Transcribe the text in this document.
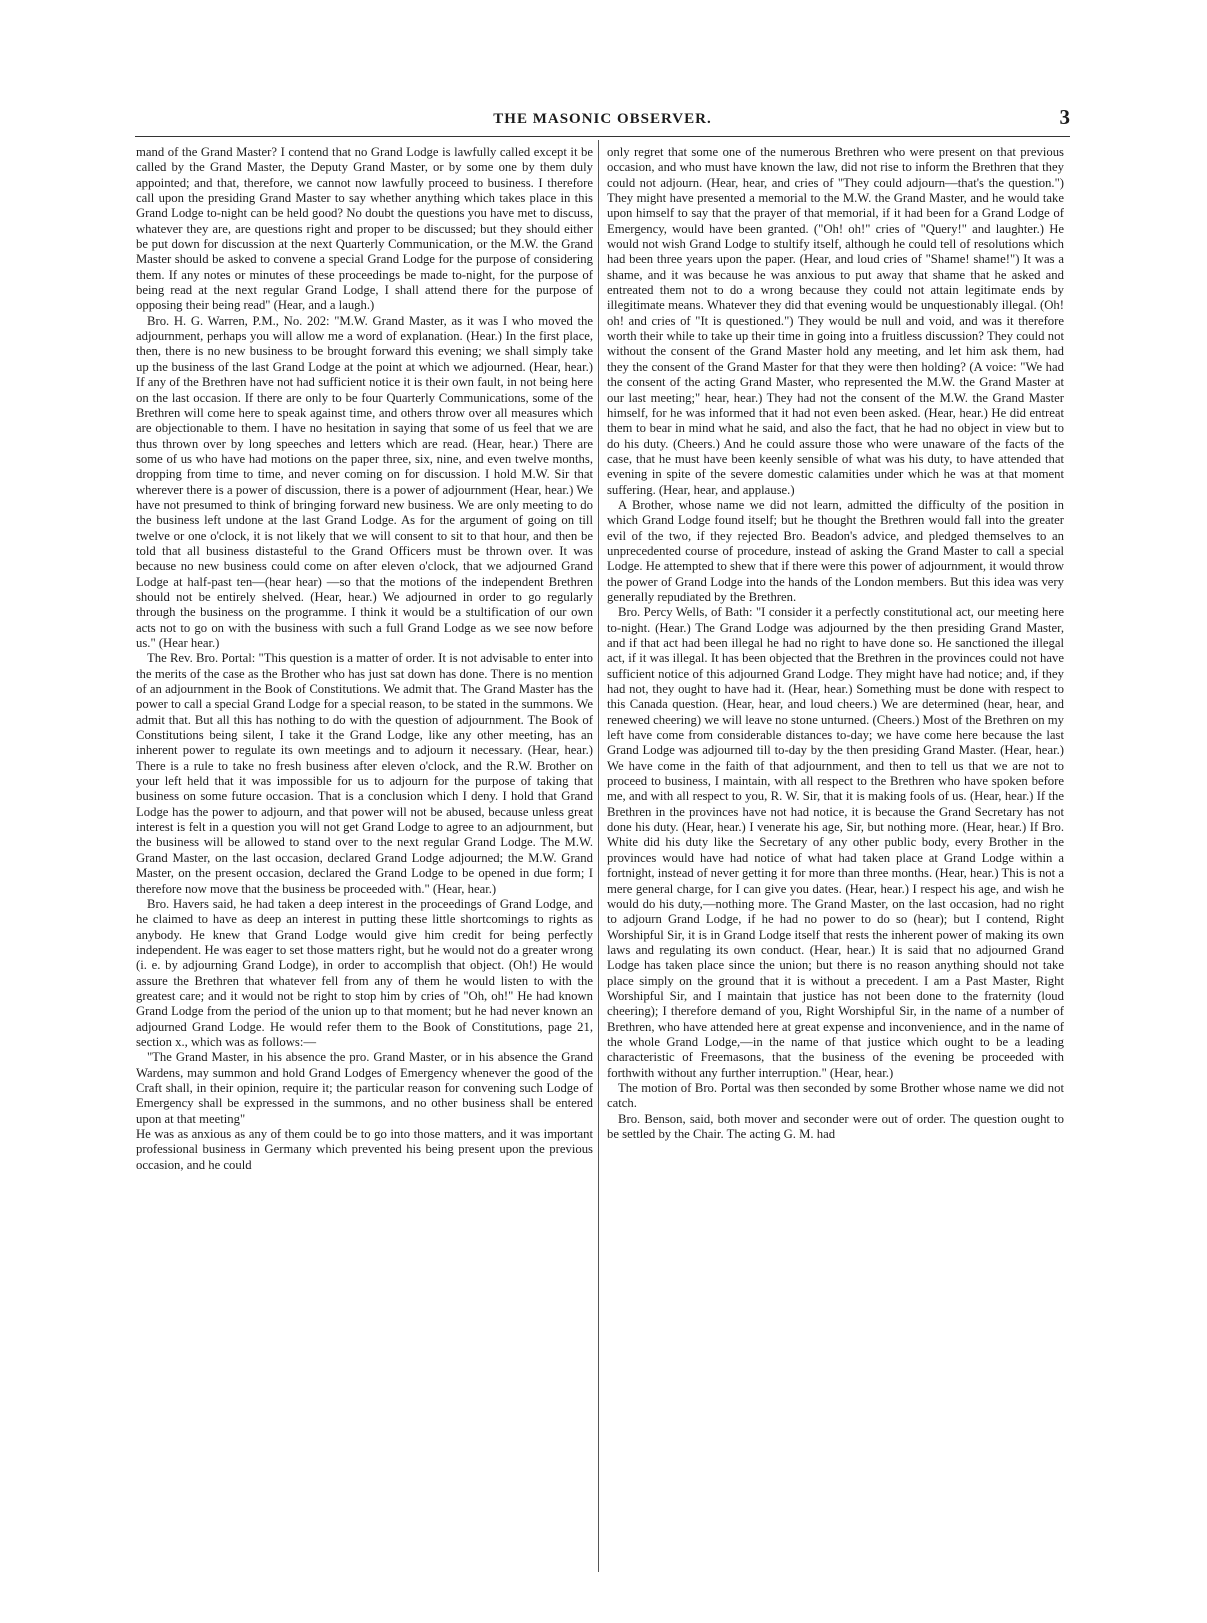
THE MASONIC OBSERVER.	3

mand of the Grand Master? I contend that no Grand Lodge is lawfully called except it be called by the Grand Master, the Deputy Grand Master, or by some one by them duly appointed; and that, therefore, we cannot now lawfully proceed to business. I therefore call upon the presiding Grand Master to say whether anything which takes place in this Grand Lodge to-night can be held good? No doubt the questions you have met to discuss, whatever they are, are questions right and proper to be discussed; but they should either be put down for discussion at the next Quarterly Communication, or the M.W. the Grand Master should be asked to convene a special Grand Lodge for the purpose of considering them. If any notes or minutes of these proceedings be made to-night, for the purpose of being read at the next regular Grand Lodge, I shall attend there for the purpose of opposing their being read" (Hear, and a laugh.)

Bro. H. G. Warren, P.M., No. 202: "M.W. Grand Master, as it was I who moved the adjournment, perhaps you will allow me a word of explanation. (Hear.) In the first place, then, there is no new business to be brought forward this evening; we shall simply take up the business of the last Grand Lodge at the point at which we adjourned. (Hear, hear.) If any of the Brethren have not had sufficient notice it is their own fault, in not being here on the last occasion. If there are only to be four Quarterly Communications, some of the Brethren will come here to speak against time, and others throw over all measures which are objectionable to them. I have no hesitation in saying that some of us feel that we are thus thrown over by long speeches and letters which are read. (Hear, hear.) There are some of us who have had motions on the paper three, six, nine, and even twelve months, dropping from time to time, and never coming on for discussion. I hold M.W. Sir that wherever there is a power of discussion, there is a power of adjournment (Hear, hear.) We have not presumed to think of bringing forward new business. We are only meeting to do the business left undone at the last Grand Lodge. As for the argument of going on till twelve or one o'clock, it is not likely that we will consent to sit to that hour, and then be told that all business distasteful to the Grand Officers must be thrown over. It was because no new business could come on after eleven o'clock, that we adjourned Grand Lodge at half-past ten—(hear hear) —so that the motions of the independent Brethren should not be entirely shelved. (Hear, hear.) We adjourned in order to go regularly through the business on the programme. I think it would be a stultification of our own acts not to go on with the business with such a full Grand Lodge as we see now before us." (Hear hear.)

The Rev. Bro. Portal: "This question is a matter of order. It is not advisable to enter into the merits of the case as the Brother who has just sat down has done. There is no mention of an adjournment in the Book of Constitutions. We admit that. The Grand Master has the power to call a special Grand Lodge for a special reason, to be stated in the summons. We admit that. But all this has nothing to do with the question of adjournment. The Book of Constitutions being silent, I take it the Grand Lodge, like any other meeting, has an inherent power to regulate its own meetings and to adjourn it necessary. (Hear, hear.) There is a rule to take no fresh business after eleven o'clock, and the R.W. Brother on your left held that it was impossible for us to adjourn for the purpose of taking that business on some future occasion. That is a conclusion which I deny. I hold that Grand Lodge has the power to adjourn, and that power will not be abused, because unless great interest is felt in a question you will not get Grand Lodge to agree to an adjournment, but the business will be allowed to stand over to the next regular Grand Lodge. The M.W. Grand Master, on the last occasion, declared Grand Lodge adjourned; the M.W. Grand Master, on the present occasion, declared the Grand Lodge to be opened in due form; I therefore now move that the business be proceeded with." (Hear, hear.)

Bro. Havers said, he had taken a deep interest in the proceedings of Grand Lodge, and he claimed to have as deep an interest in putting these little shortcomings to rights as anybody. He knew that Grand Lodge would give him credit for being perfectly independent. He was eager to set those matters right, but he would not do a greater wrong (i. e. by adjourning Grand Lodge), in order to accomplish that object. (Oh!) He would assure the Brethren that whatever fell from any of them he would listen to with the greatest care; and it would not be right to stop him by cries of "Oh, oh!" He had known Grand Lodge from the period of the union up to that moment; but he had never known an adjourned Grand Lodge. He would refer them to the Book of Constitutions, page 21, section x., which was as follows:—

"The Grand Master, in his absence the pro. Grand Master, or in his absence the Grand Wardens, may summon and hold Grand Lodges of Emergency whenever the good of the Craft shall, in their opinion, require it; the particular reason for convening such Lodge of Emergency shall be expressed in the summons, and no other business shall be entered upon at that meeting"

He was as anxious as any of them could be to go into those matters, and it was important professional business in Germany which prevented his being present upon the previous occasion, and he could

only regret that some one of the numerous Brethren who were present on that previous occasion, and who must have known the law, did not rise to inform the Brethren that they could not adjourn. (Hear, hear, and cries of "They could adjourn—that's the question.") They might have presented a memorial to the M.W. the Grand Master, and he would take upon himself to say that the prayer of that memorial, if it had been for a Grand Lodge of Emergency, would have been granted. ("Oh! oh!" cries of "Query!" and laughter.) He would not wish Grand Lodge to stultify itself, although he could tell of resolutions which had been three years upon the paper. (Hear, and loud cries of "Shame! shame!") It was a shame, and it was because he was anxious to put away that shame that he asked and entreated them not to do a wrong because they could not attain legitimate ends by illegitimate means. Whatever they did that evening would be unquestionably illegal. (Oh! oh! and cries of "It is questioned.") They would be null and void, and was it therefore worth their while to take up their time in going into a fruitless discussion? They could not without the consent of the Grand Master hold any meeting, and let him ask them, had they the consent of the Grand Master for that they were then holding? (A voice: "We had the consent of the acting Grand Master, who represented the M.W. the Grand Master at our last meeting;" hear, hear.) They had not the consent of the M.W. the Grand Master himself, for he was informed that it had not even been asked. (Hear, hear.) He did entreat them to bear in mind what he said, and also the fact, that he had no object in view but to do his duty. (Cheers.) And he could assure those who were unaware of the facts of the case, that he must have been keenly sensible of what was his duty, to have attended that evening in spite of the severe domestic calamities under which he was at that moment suffering. (Hear, hear, and applause.)

A Brother, whose name we did not learn, admitted the difficulty of the position in which Grand Lodge found itself; but he thought the Brethren would fall into the greater evil of the two, if they rejected Bro. Beadon's advice, and pledged themselves to an unprecedented course of procedure, instead of asking the Grand Master to call a special Lodge. He attempted to shew that if there were this power of adjournment, it would throw the power of Grand Lodge into the hands of the London members. But this idea was very generally repudiated by the Brethren.

Bro. Percy Wells, of Bath: "I consider it a perfectly constitutional act, our meeting here to-night. (Hear.) The Grand Lodge was adjourned by the then presiding Grand Master, and if that act had been illegal he had no right to have done so. He sanctioned the illegal act, if it was illegal. It has been objected that the Brethren in the provinces could not have sufficient notice of this adjourned Grand Lodge. They might have had notice; and, if they had not, they ought to have had it. (Hear, hear.) Something must be done with respect to this Canada question. (Hear, hear, and loud cheers.) We are determined (hear, hear, and renewed cheering) we will leave no stone unturned. (Cheers.) Most of the Brethren on my left have come from considerable distances to-day; we have come here because the last Grand Lodge was adjourned till to-day by the then presiding Grand Master. (Hear, hear.) We have come in the faith of that adjournment, and then to tell us that we are not to proceed to business, I maintain, with all respect to the Brethren who have spoken before me, and with all respect to you, R. W. Sir, that it is making fools of us. (Hear, hear.) If the Brethren in the provinces have not had notice, it is because the Grand Secretary has not done his duty. (Hear, hear.) I venerate his age, Sir, but nothing more. (Hear, hear.) If Bro. White did his duty like the Secretary of any other public body, every Brother in the provinces would have had notice of what had taken place at Grand Lodge within a fortnight, instead of never getting it for more than three months. (Hear, hear.) This is not a mere general charge, for I can give you dates. (Hear, hear.) I respect his age, and wish he would do his duty,—nothing more. The Grand Master, on the last occasion, had no right to adjourn Grand Lodge, if he had no power to do so (hear); but I contend, Right Worshipful Sir, it is in Grand Lodge itself that rests the inherent power of making its own laws and regulating its own conduct. (Hear, hear.) It is said that no adjourned Grand Lodge has taken place since the union; but there is no reason anything should not take place simply on the ground that it is without a precedent. I am a Past Master, Right Worshipful Sir, and I maintain that justice has not been done to the fraternity (loud cheering); I therefore demand of you, Right Worshipful Sir, in the name of a number of Brethren, who have attended here at great expense and inconvenience, and in the name of the whole Grand Lodge,—in the name of that justice which ought to be a leading characteristic of Freemasons, that the business of the evening be proceeded with forthwith without any further interruption." (Hear, hear.)

The motion of Bro. Portal was then seconded by some Brother whose name we did not catch.

Bro. Benson, said, both mover and seconder were out of order. The question ought to be settled by the Chair. The acting G. M. had
